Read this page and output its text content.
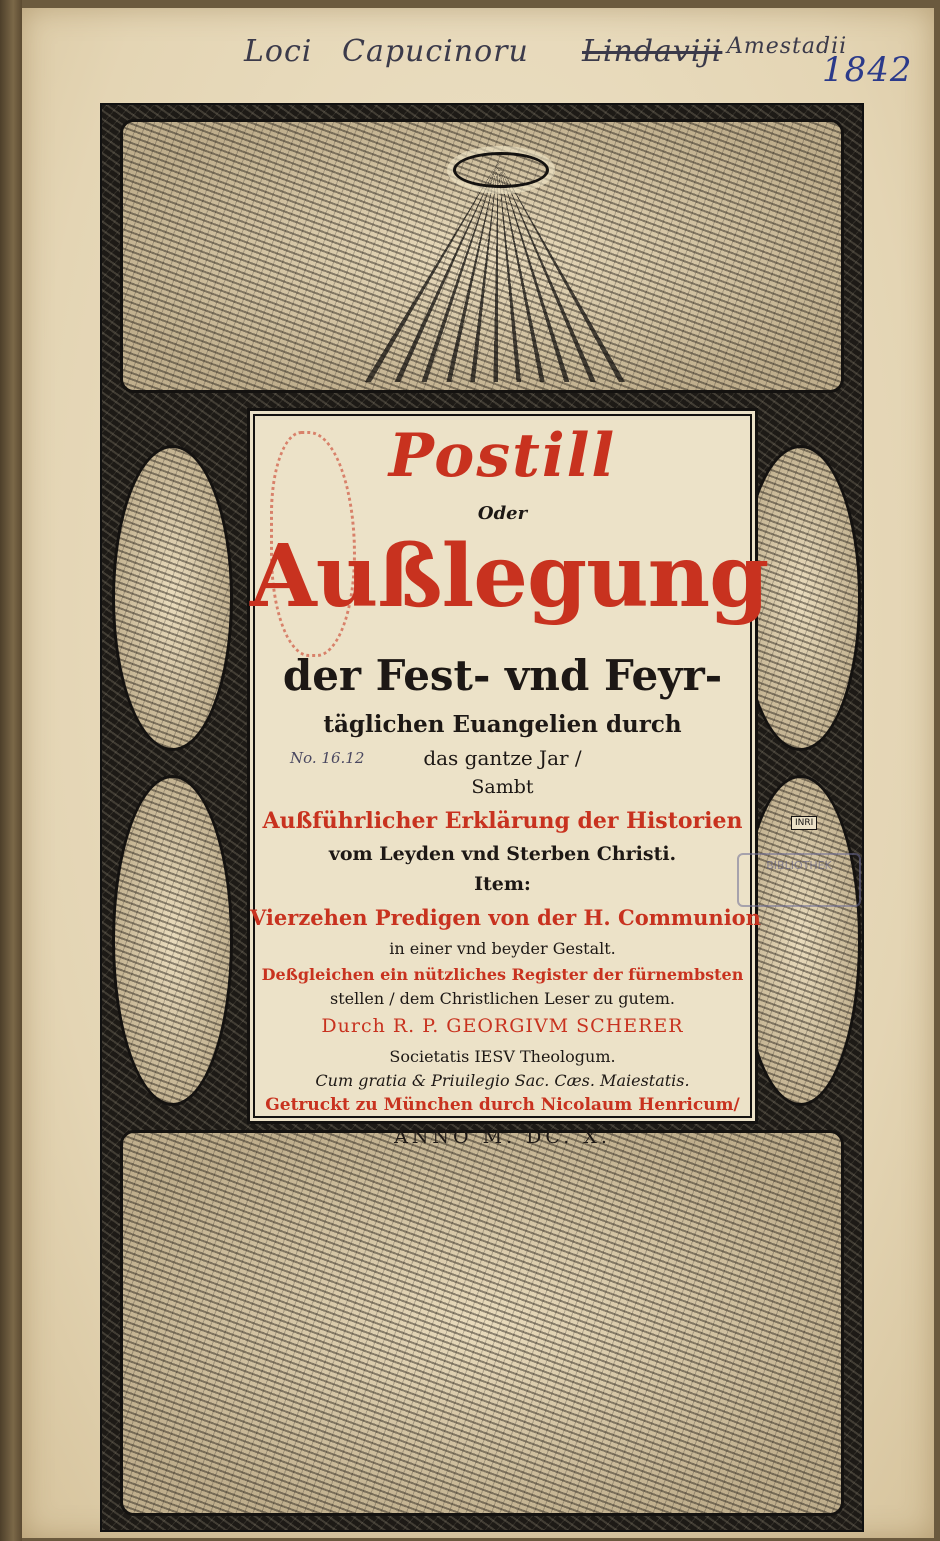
Loci Capucinoru Lindaviji Amestadii
1842
INRI
Postill
Oder
Außlegung
der Fest- vnd Feyr-
täglichen Euangelien durch
das gantze Jar /
Sambt
Außführlicher Erklärung der Historien
vom Leyden vnd Sterben Christi.
Item:
Vierzehen Predigen von der H. Communion
in einer vnd beyder Gestalt.
Deßgleichen ein nützliches Register der fürnembsten
stellen / dem Christlichen Leser zu gutem.
Durch R. P. GEORGIVM SCHERER
Societatis IESV Theologum.
Cum gratia & Priuilegio Sac. Cæs. Maiestatis.
Getruckt zu München durch Nicolaum Henricum/
ANNO M. DC. X.
No. 16.12
BIBLIOTHEK
